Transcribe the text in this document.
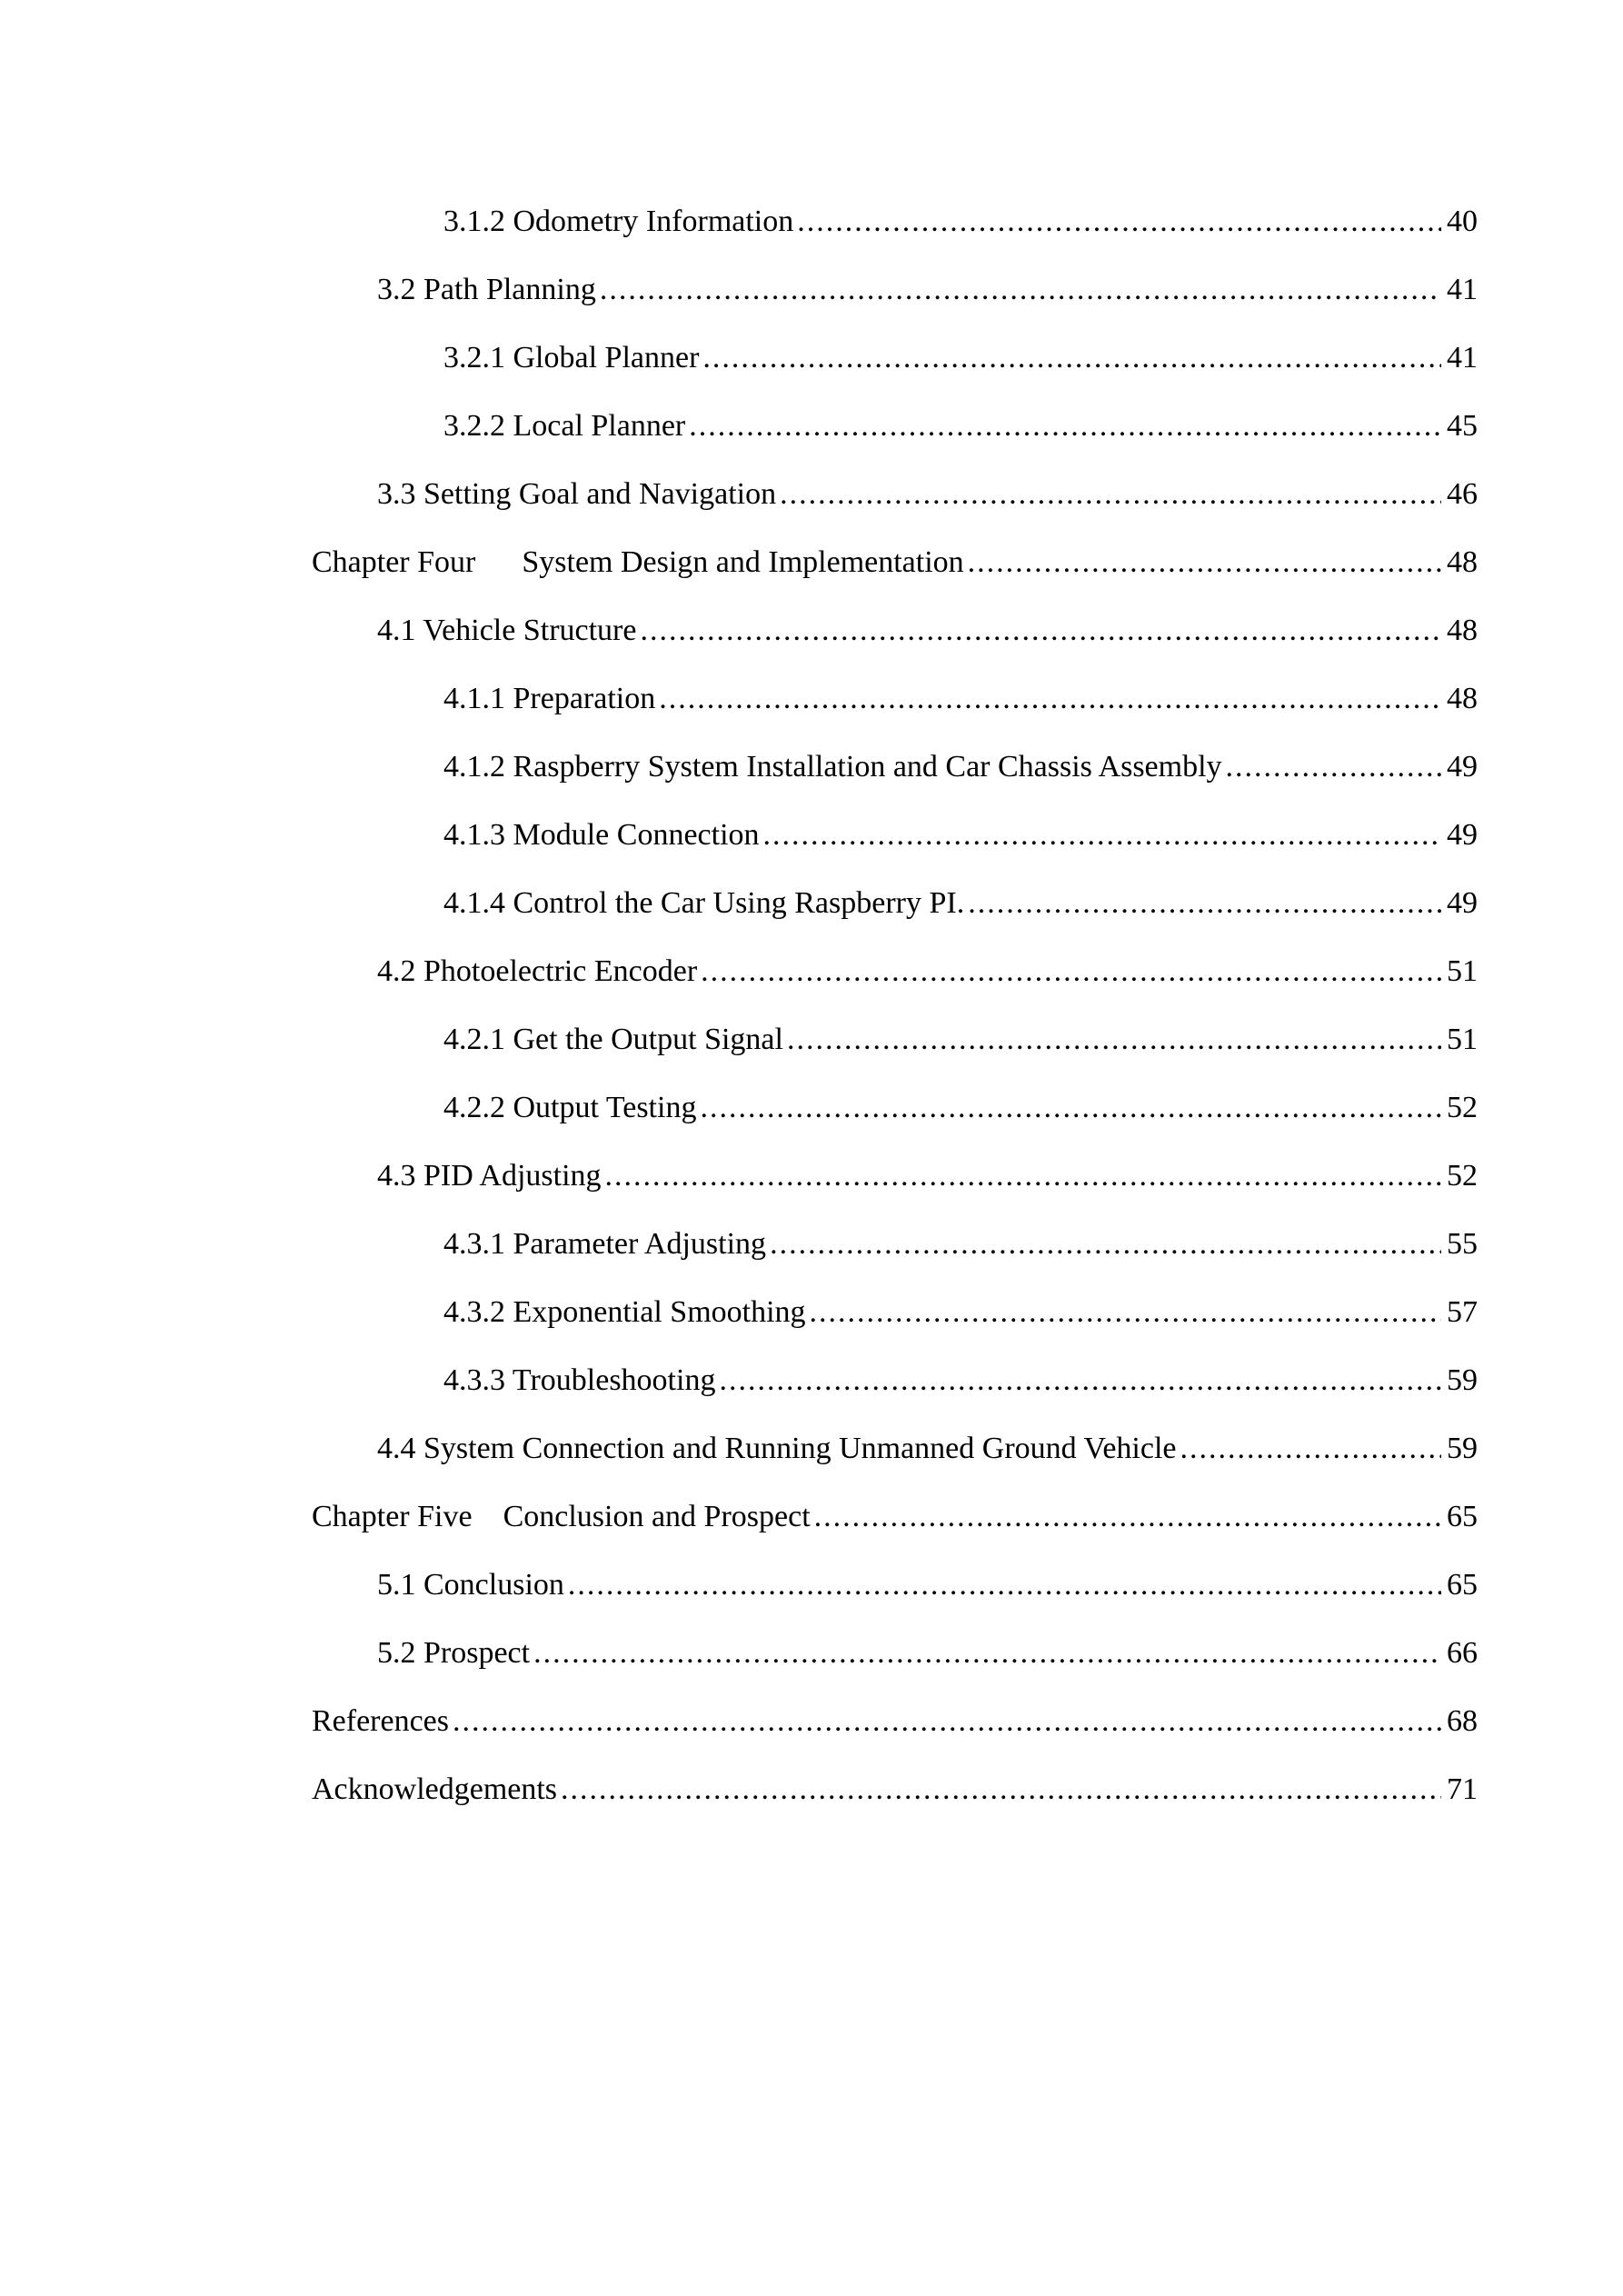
3.1.2 Odometry Information .....	40
3.2 Path Planning .....	41
3.2.1 Global Planner .....	41
3.2.2 Local Planner .....	45
3.3 Setting Goal and Navigation .....	46
Chapter Four      System Design and Implementation .....	48
4.1 Vehicle Structure .....	48
4.1.1 Preparation .....	48
4.1.2 Raspberry System Installation and Car Chassis Assembly .....	49
4.1.3 Module Connection .....	49
4.1.4 Control the Car Using Raspberry PI. .....	49
4.2 Photoelectric Encoder .....	51
4.2.1 Get the Output Signal .....	51
4.2.2 Output Testing .....	52
4.3 PID Adjusting .....	52
4.3.1 Parameter Adjusting .....	55
4.3.2 Exponential Smoothing .....	57
4.3.3 Troubleshooting .....	59
4.4 System Connection and Running Unmanned Ground Vehicle .....	59
Chapter Five    Conclusion and Prospect .....	65
5.1 Conclusion .....	65
5.2 Prospect .....	66
References .....	68
Acknowledgements .....	71
